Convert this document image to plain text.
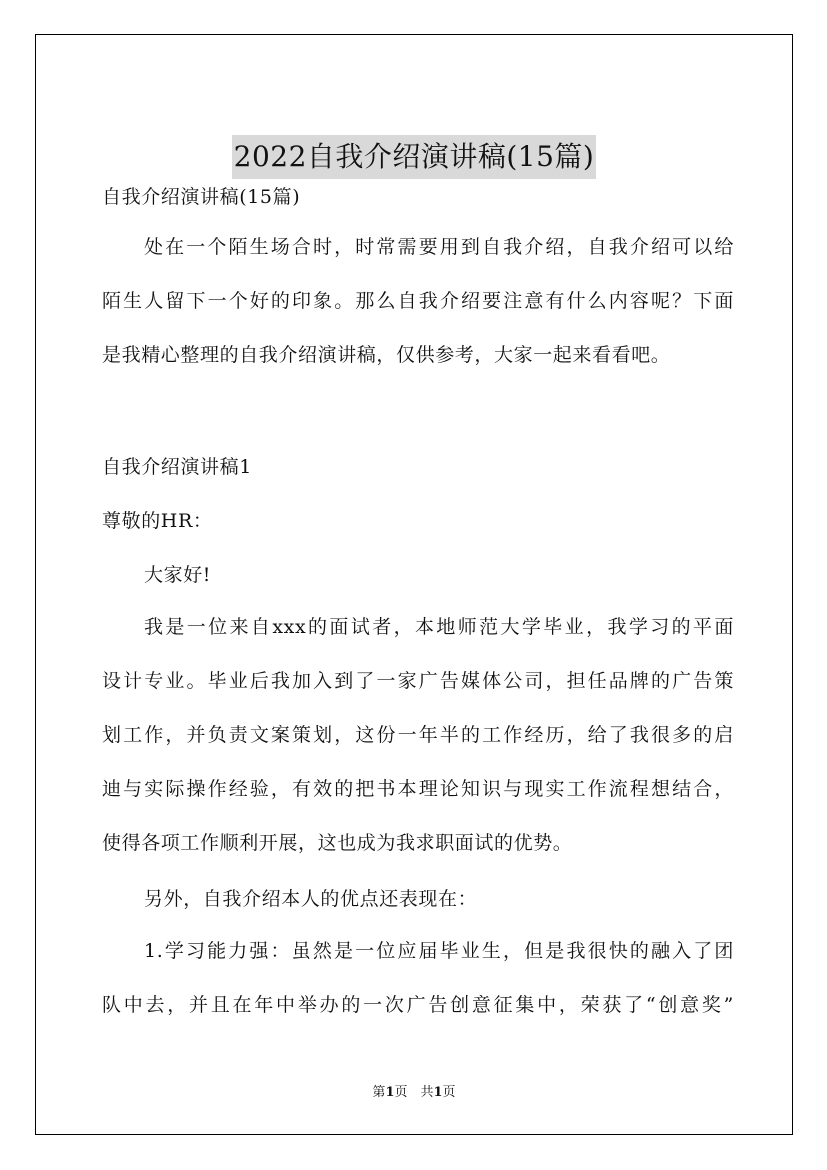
2022自我介绍演讲稿(15篇)
自我介绍演讲稿(15篇)
处在一个陌生场合时，时常需要用到自我介绍，自我介绍可以给
陌生人留下一个好的印象。那么自我介绍要注意有什么内容呢？下面
是我精心整理的自我介绍演讲稿，仅供参考，大家一起来看看吧。
自我介绍演讲稿1
尊敬的HR：
大家好!
我是一位来自xxx的面试者，本地师范大学毕业，我学习的平面
设计专业。毕业后我加入到了一家广告媒体公司，担任品牌的广告策
划工作，并负责文案策划，这份一年半的工作经历，给了我很多的启
迪与实际操作经验，有效的把书本理论知识与现实工作流程想结合，
使得各项工作顺利开展，这也成为我求职面试的优势。
另外，自我介绍本人的优点还表现在：
1.学习能力强：虽然是一位应届毕业生，但是我很快的融入了团
队中去，并且在年中举办的一次广告创意征集中，荣获了“创意奖”
第1页　共1页
